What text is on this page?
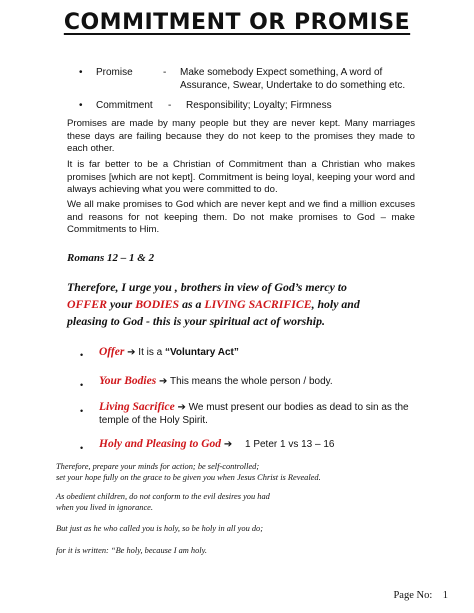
COMMITMENT OR PROMISE
• Promise	- Make somebody Expect something, A word of
Assurance, Swear, Undertake to do something etc.
• Commitment - Responsibility; Loyalty; Firmness
Promises are made by many people but they are never kept. Many marriages these days are failing because they do not keep to the promises they made to each other.
It is far better to be a Christian of Commitment than a Christian who makes promises [which are not kept]. Commitment is being loyal, keeping your word and always achieving what you were committed to do.
We all make promises to God which are never kept and we find a million excuses and reasons for not keeping them. Do not make promises to God – make Commitments to Him.
Romans 12 – 1 & 2
Therefore, I urge you , brothers in view of God’s mercy to
OFFER your BODIES as a LIVING SACRIFICE, holy and
pleasing to God - this is your spiritual act of worship.
• Offer ➔ It is a “Voluntary Act”
• Your Bodies ➔ This means the whole person / body.
• Living Sacrifice ➔ We must present our bodies as dead to sin as the
temple of the Holy Spirit.
• Holy and Pleasing to God ➔ 1 Peter 1 vs 13 – 16
Therefore, prepare your minds for action; be self-controlled;
set your hope fully on the grace to be given you when Jesus Christ is Revealed.
As obedient children, do not conform to the evil desires you had
when you lived in ignorance.
But just as he who called you is holy, so be holy in all you do;
for it is written: “Be holy, because I am holy.
Page No: 1
